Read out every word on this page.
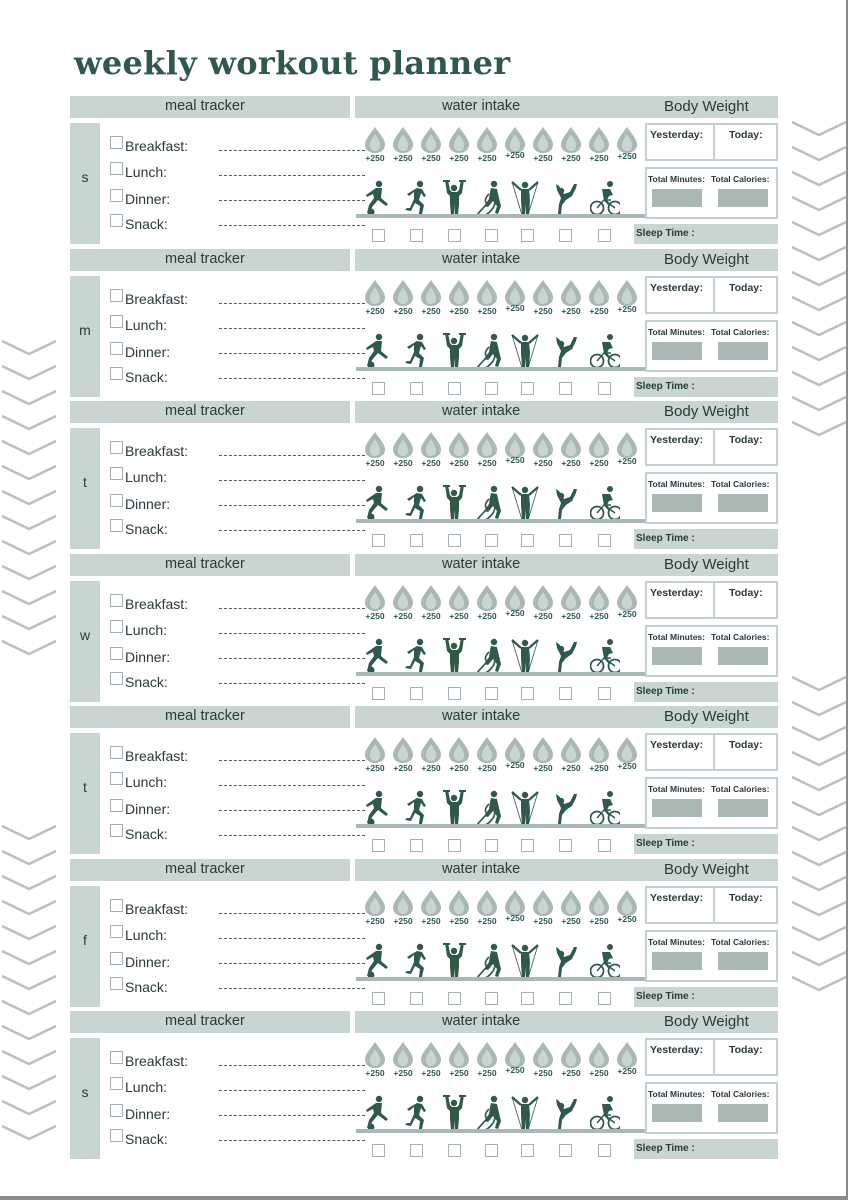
weekly workout planner
meal tracker	water intake	Body Weight
s
Breakfast:
Lunch:
Dinner:
Snack:
+250	+250	+250	+250	+250	+250	+250	+250	+250	+250
Yesterday: Today:
Total Minutes: Total Calories:
Sleep Time :
meal tracker	water intake	Body Weight
m
Breakfast:
Lunch:
Dinner:
Snack:
+250	+250	+250	+250	+250	+250	+250	+250	+250	+250
Yesterday: Today:
Total Minutes: Total Calories:
Sleep Time :
meal tracker	water intake	Body Weight
t
Breakfast:
Lunch:
Dinner:
Snack:
+250	+250	+250	+250	+250	+250	+250	+250	+250	+250
Yesterday: Today:
Total Minutes: Total Calories:
Sleep Time :
meal tracker	water intake	Body Weight
w
Breakfast:
Lunch:
Dinner:
Snack:
+250	+250	+250	+250	+250	+250	+250	+250	+250	+250
Yesterday: Today:
Total Minutes: Total Calories:
Sleep Time :
meal tracker	water intake	Body Weight
t
Breakfast:
Lunch:
Dinner:
Snack:
+250	+250	+250	+250	+250	+250	+250	+250	+250	+250
Yesterday: Today:
Total Minutes: Total Calories:
Sleep Time :
meal tracker	water intake	Body Weight
f
Breakfast:
Lunch:
Dinner:
Snack:
+250	+250	+250	+250	+250	+250	+250	+250	+250	+250
Yesterday: Today:
Total Minutes: Total Calories:
Sleep Time :
meal tracker	water intake	Body Weight
s
Breakfast:
Lunch:
Dinner:
Snack:
+250	+250	+250	+250	+250	+250	+250	+250	+250	+250
Yesterday: Today:
Total Minutes: Total Calories:
Sleep Time :
